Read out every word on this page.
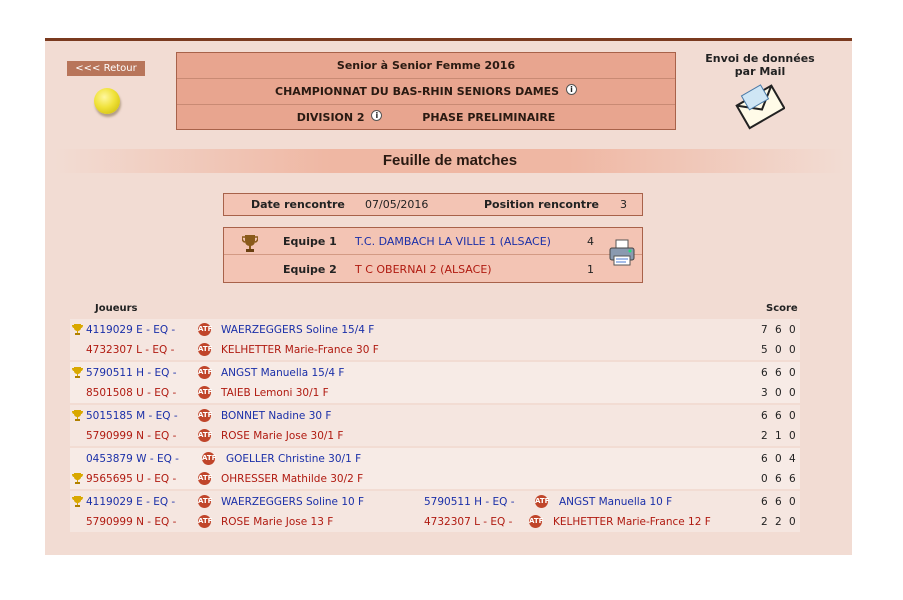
<<< Retour	Senior à Senior Femme 2016
CHAMPIONNAT DU BAS-RHIN SENIORS DAMES i
DIVISION 2 i	PHASE PRELIMINAIRE
Envoi de données
par Mail
Feuille de matches
Date rencontre 07/05/2016	Position rencontre 3
Equipe 1 T.C. DAMBACH LA VILLE 1 (ALSACE)	4
Equipe 2 T C OBERNAI 2 (ALSACE)	1
Joueurs	Score
4119029 E - EQ -	ATF WAERZEGGERS Soline 15/4 F	7 6 0
4732307 L - EQ -	ATF KELHETTER Marie-France 30 F	5 0 0
5790511 H - EQ -	ATF ANGST Manuella 15/4 F	6 6 0
8501508 U - EQ -	ATF TAIEB Lemoni 30/1 F	3 0 0
5015185 M - EQ -	ATF BONNET Nadine 30 F	6 6 0
5790999 N - EQ -	ATF ROSE Marie Jose 30/1 F	2 1 0
0453879 W - EQ -	ATF GOELLER Christine 30/1 F	6 0 4
9565695 U - EQ -	ATF OHRESSER Mathilde 30/2 F	0 6 6
4119029 E - EQ -	ATF WAERZEGGERS Soline 10 F	5790511 H - EQ -	ATF ANGST Manuella 10 F	6 6 0
5790999 N - EQ -	ATF ROSE Marie Jose 13 F	4732307 L - EQ - ATF KELHETTER Marie-France 12 F	2 2 0
